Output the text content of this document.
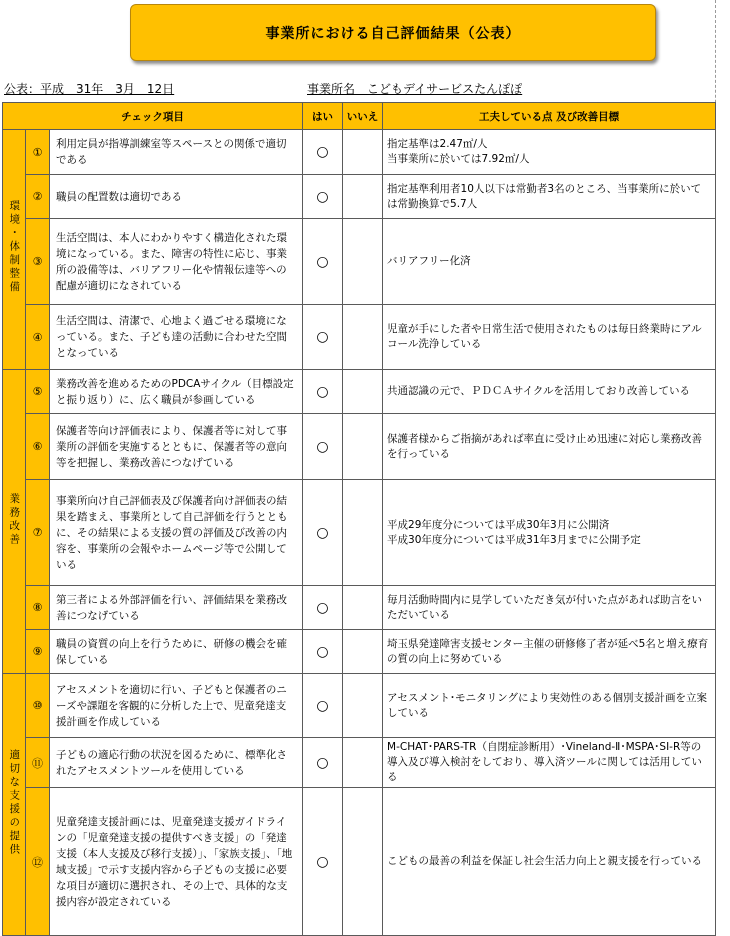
事業所における自己評価結果（公表）
公表：平成　31年　3月　12日	事業所名　こどもデイサービスたんぽぽ
チェック項目			はい	いいえ	工夫している点 及び改善目標
環境・体制整備	①	利用定員が指導訓練室等スペースとの関係で適切である	○		指定基準は2.47㎡/人
当事業所に於いては7.92㎡/人
	②	職員の配置数は適切である	○		指定基準利用者10人以下は常勤者3名のところ、当事業所に於いては常勤換算で5.7人
	③	生活空間は、本人にわかりやすく構造化された環境になっている。また、障害の特性に応じ、事業所の設備等は、バリアフリー化や情報伝達等への配慮が適切になされている	○		バリアフリー化済
	④	生活空間は、清潔で、心地よく過ごせる環境になっている。また、子ども達の活動に合わせた空間となっている	○		児童が手にした者や日常生活で使用されたものは毎日終業時にアルコール洗浄している
業務改善	⑤	業務改善を進めるためのPDCAサイクル（目標設定と振り返り）に、広く職員が参画している	○		共通認識の元で、ＰＤＣＡサイクルを活用しており改善している
	⑥	保護者等向け評価表により、保護者等に対して事業所の評価を実施するとともに、保護者等の意向等を把握し、業務改善につなげている	○		保護者様からご指摘があれば率直に受け止め迅速に対応し業務改善を行っている
	⑦	事業所向け自己評価表及び保護者向け評価表の結果を踏まえ、事業所として自己評価を行うとともに、その結果による支援の質の評価及び改善の内容を、事業所の会報やホームページ等で公開している	○		平成29年度分については平成30年3月に公開済
平成30年度分については平成31年3月までに公開予定
	⑧	第三者による外部評価を行い、評価結果を業務改善につなげている	○		毎月活動時間内に見学していただき気が付いた点があれば助言をいただいている
	⑨	職員の資質の向上を行うために、研修の機会を確保している	○		埼玉県発達障害支援センター主催の研修修了者が延べ5名と増え療育の質の向上に努めている
適切な支援の提供	⑩	アセスメントを適切に行い、子どもと保護者のニーズや課題を客観的に分析した上で、児童発達支援計画を作成している	○		アセスメント･モニタリングにより実効性のある個別支援計画を立案している
	⑪	子どもの適応行動の状況を図るために、標準化されたアセスメントツールを使用している	○		M-CHAT･PARS-TR（自閉症診断用）･Vineland-Ⅱ･MSPA･SI-R等の導入及び導入検討をしており、導入済ツールに関しては活用している
	⑫	児童発達支援計画には、児童発達支援ガイドラインの「児童発達支援の提供すべき支援」の「発達支援（本人支援及び移行支援）」、「家族支援」、「地域支援」で示す支援内容から子どもの支援に必要な項目が適切に選択され、その上で、具体的な支援内容が設定されている	○		こどもの最善の利益を保証し社会生活力向上と親支援を行っている
